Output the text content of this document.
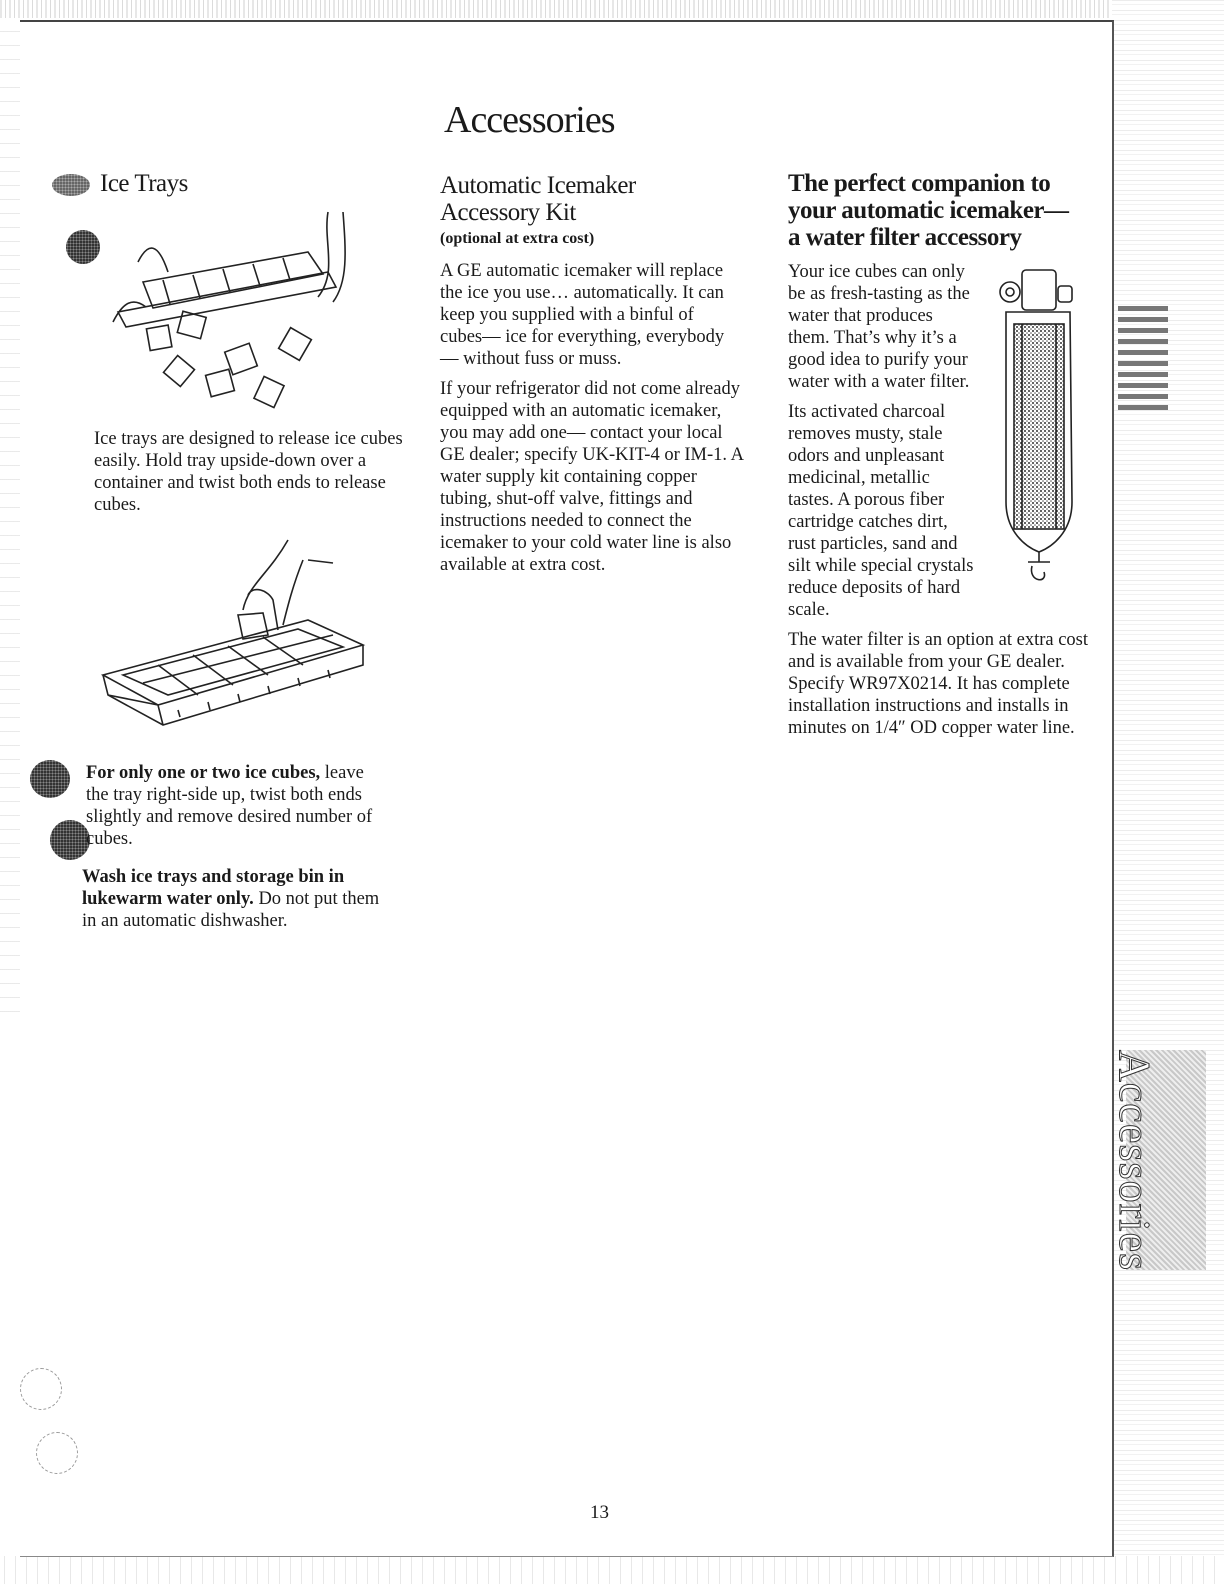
Accessories
Accessories
Ice Trays

Ice trays are designed to release ice cubes easily. Hold tray upside-down over a container and twist both ends to release cubes.

For only one or two ice cubes, leave the tray right-side up, twist both ends slightly and remove desired number of cubes.

Wash ice trays and storage bin in lukewarm water only. Do not put them in an automatic dishwasher.

Automatic Icemaker
Accessory Kit
(optional at extra cost)

A GE automatic icemaker will replace the ice you use… automatically. It can keep you supplied with a binful of cubes— ice for everything, everybody— without fuss or muss.

If your refrigerator did not come already equipped with an automatic icemaker, you may add one— contact your local GE dealer; specify UK-KIT-4 or IM-1. A water supply kit containing copper tubing, shut-off valve, fittings and instructions needed to connect the icemaker to your cold water line is also available at extra cost.

The perfect companion to
your automatic icemaker—
a water filter accessory

Your ice cubes can only
be as fresh-tasting as the
water that produces
them. That’s why it’s a
good idea to purify your
water with a water filter.

Its activated charcoal
removes musty, stale
odors and unpleasant
medicinal, metallic
tastes. A porous fiber
cartridge catches dirt,
rust particles, sand and
silt while special crystals
reduce deposits of hard
scale.

The water filter is an option at extra cost and is available from your GE dealer. Specify WR97X0214. It has complete installation instructions and installs in minutes on 1/4″ OD copper water line.

13
